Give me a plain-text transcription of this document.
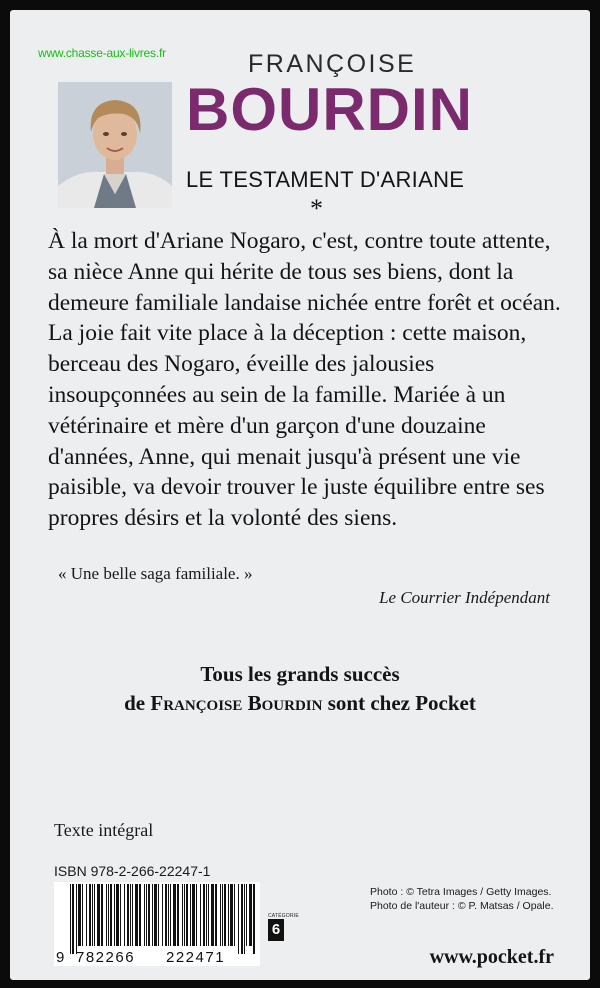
www.chasse-aux-livres.fr	FRANÇOISE
BOURDIN
LE TESTAMENT D'ARIANE
*

À la mort d'Ariane Nogaro, c'est, contre toute attente, sa nièce Anne qui hérite de tous ses biens, dont la demeure familiale landaise nichée entre forêt et océan. La joie fait vite place à la déception : cette maison, berceau des Nogaro, éveille des jalousies insoupçonnées au sein de la famille. Mariée à un vétérinaire et mère d'un garçon d'une douzaine d'années, Anne, qui menait jusqu'à présent une vie paisible, va devoir trouver le juste équilibre entre ses propres désirs et la volonté des siens.

« Une belle saga familiale. »
Le Courrier Indépendant
Tous les grands succès
de Françoise Bourdin sont chez Pocket
Texte intégral
ISBN 978-2-266-22247-1
9 782266 222471
CATÉGORIE
6
Photo : © Tetra Images / Getty Images.
Photo de l'auteur : © P. Matsas / Opale.
www.pocket.fr
